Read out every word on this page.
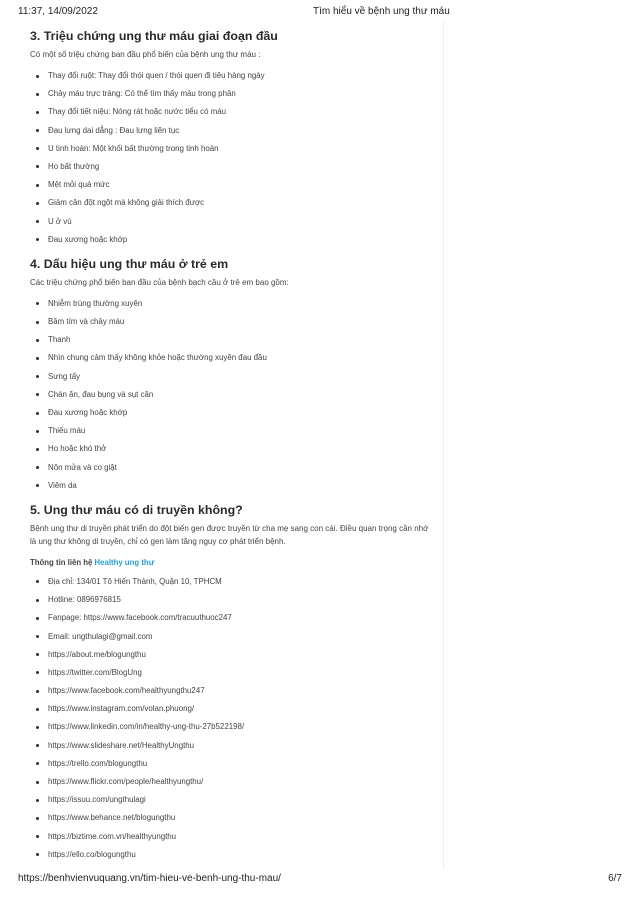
11:37, 14/09/2022	Tìm hiểu về bệnh ung thư máu
3. Triệu chứng ung thư máu giai đoạn đầu

Có một số triệu chứng ban đầu phổ biến của bệnh ung thư máu :

Thay đổi ruột: Thay đổi thói quen / thói quen đi tiêu hàng ngày
Chảy máu trực tràng: Có thể tìm thấy máu trong phân
Thay đổi tiết niệu: Nóng rát hoặc nước tiểu có máu
Đau lưng dai dẳng : Đau lưng liên tục
U tinh hoàn: Một khối bất thường trong tinh hoàn
Ho bất thường
Mệt mỏi quá mức
Giảm cân đột ngột mà không giải thích được
U ở vú
Đau xương hoặc khớp
4. Dấu hiệu ung thư máu ở trẻ em

Các triệu chứng phổ biến ban đầu của bệnh bạch cầu ở trẻ em bao gồm:

Nhiễm trùng thường xuyên
Bầm tím và chảy máu
Thanh
Nhìn chung cảm thấy không khỏe hoặc thường xuyên đau đầu
Sưng tấy
Chán ăn, đau bụng và sụt cân
Đau xương hoặc khớp
Thiếu máu
Ho hoặc khó thở
Nôn mửa và co giật
Viêm da
5. Ung thư máu có di truyền không?

Bệnh ung thư di truyền phát triển do đột biến gen được truyền từ cha mẹ sang con cái. Điều quan trọng cần nhớ là ung thư không di truyền, chỉ có gen làm tăng nguy cơ phát triển bệnh.

Thông tin liên hệ Healthy ung thư

Địa chỉ: 134/01 Tô Hiến Thành, Quận 10, TPHCM
Hotline: 0896976815
Fanpage: https://www.facebook.com/tracuuthuoc247
Email: ungthulagi@gmail.com
https://about.me/blogungthu
https://twitter.com/BlogUng
https://www.facebook.com/healthyungthu247
https://www.instagram.com/volan.phuong/
https://www.linkedin.com/in/healthy-ung-thu-27b522198/
https://www.slideshare.net/HealthyUngthu
https://trello.com/blogungthu
https://www.flickr.com/people/healthyungthu/
https://issuu.com/ungthulagi
https://www.behance.net/blogungthu
https://biztime.com.vn/healthyungthu
https://ello.co/blogungthu
https://benhvienvuquang.vn/tim-hieu-ve-benh-ung-thu-mau/	6/7
